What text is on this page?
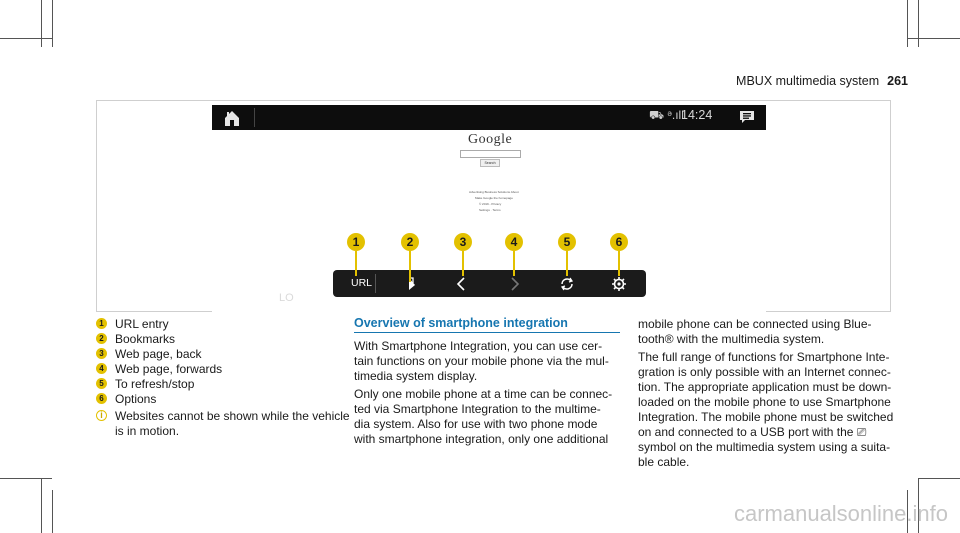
MBUX multimedia system 261
⛟ ᵊ.ıll
14:24
Google
Search
Advertising Business Solutions About
Make Google the homepage
© 2019 - Privacy
Settings · Terms
1	2	3	4	5	6
URL
LO
1 URL entry
2 Bookmarks
3 Web page, back
4 Web page, forwards
5 To refresh/stop
6 Options
i	Websites cannot be shown while the vehicle
is in motion.
Overview of smartphone integration
With Smartphone Integration, you can use cer-
tain functions on your mobile phone via the mul-
timedia system display.
Only one mobile phone at a time can be connec-
ted via Smartphone Integration to the multime-
dia system. Also for use with two phone mode
with smartphone integration, only one additional
mobile phone can be connected using Blue-
tooth® with the multimedia system.
The full range of functions for Smartphone Inte-
gration is only possible with an Internet connec-
tion. The appropriate application must be down-
loaded on the mobile phone to use Smartphone
Integration. The mobile phone must be switched
on and connected to a USB port with the ⎚
symbol on the multimedia system using a suita-
ble cable.
carmanualsonline.info
